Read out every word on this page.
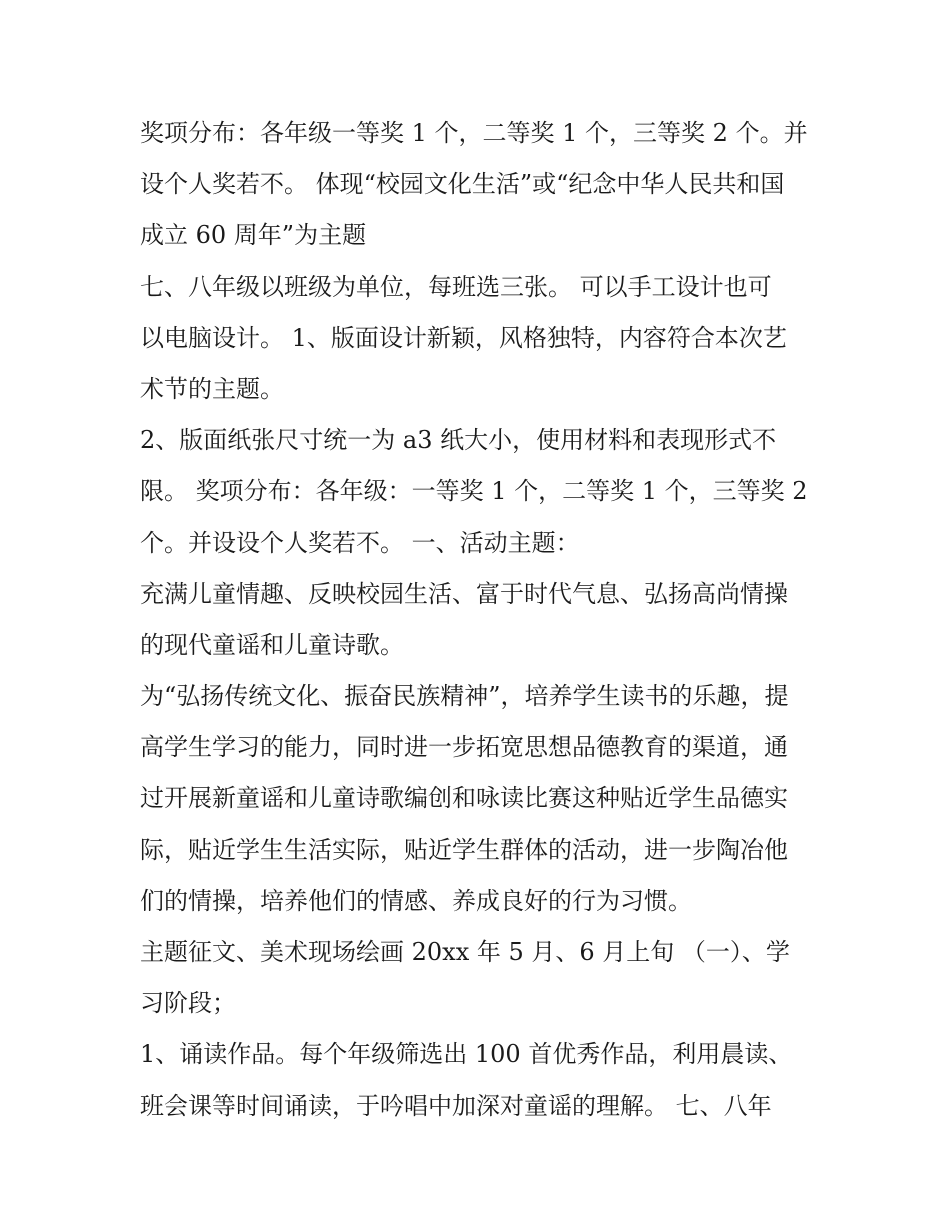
奖项分布：各年级一等奖 1 个，二等奖 1 个，三等奖 2 个。并
设个人奖若不。 体现“校园文化生活”或“纪念中华人民共和国
成立 60 周年”为主题
七、八年级以班级为单位，每班选三张。 可以手工设计也可
以电脑设计。 1、版面设计新颖，风格独特，内容符合本次艺
术节的主题。
2、版面纸张尺寸统一为 a3 纸大小，使用材料和表现形式不
限。 奖项分布：各年级：一等奖 1 个，二等奖 1 个，三等奖 2
个。并设设个人奖若不。 一、活动主题：
充满儿童情趣、反映校园生活、富于时代气息、弘扬高尚情操
的现代童谣和儿童诗歌。
为“弘扬传统文化、振奋民族精神”，培养学生读书的乐趣，提
高学生学习的能力，同时进一步拓宽思想品德教育的渠道，通
过开展新童谣和儿童诗歌编创和咏读比赛这种贴近学生品德实
际，贴近学生生活实际，贴近学生群体的活动，进一步陶冶他
们的情操，培养他们的情感、养成良好的行为习惯。
主题征文、美术现场绘画 20xx 年 5 月、6 月上旬 （一）、学
习阶段；
1、诵读作品。每个年级筛选出 100 首优秀作品，利用晨读、
班会课等时间诵读，于吟唱中加深对童谣的理解。 七、八年
